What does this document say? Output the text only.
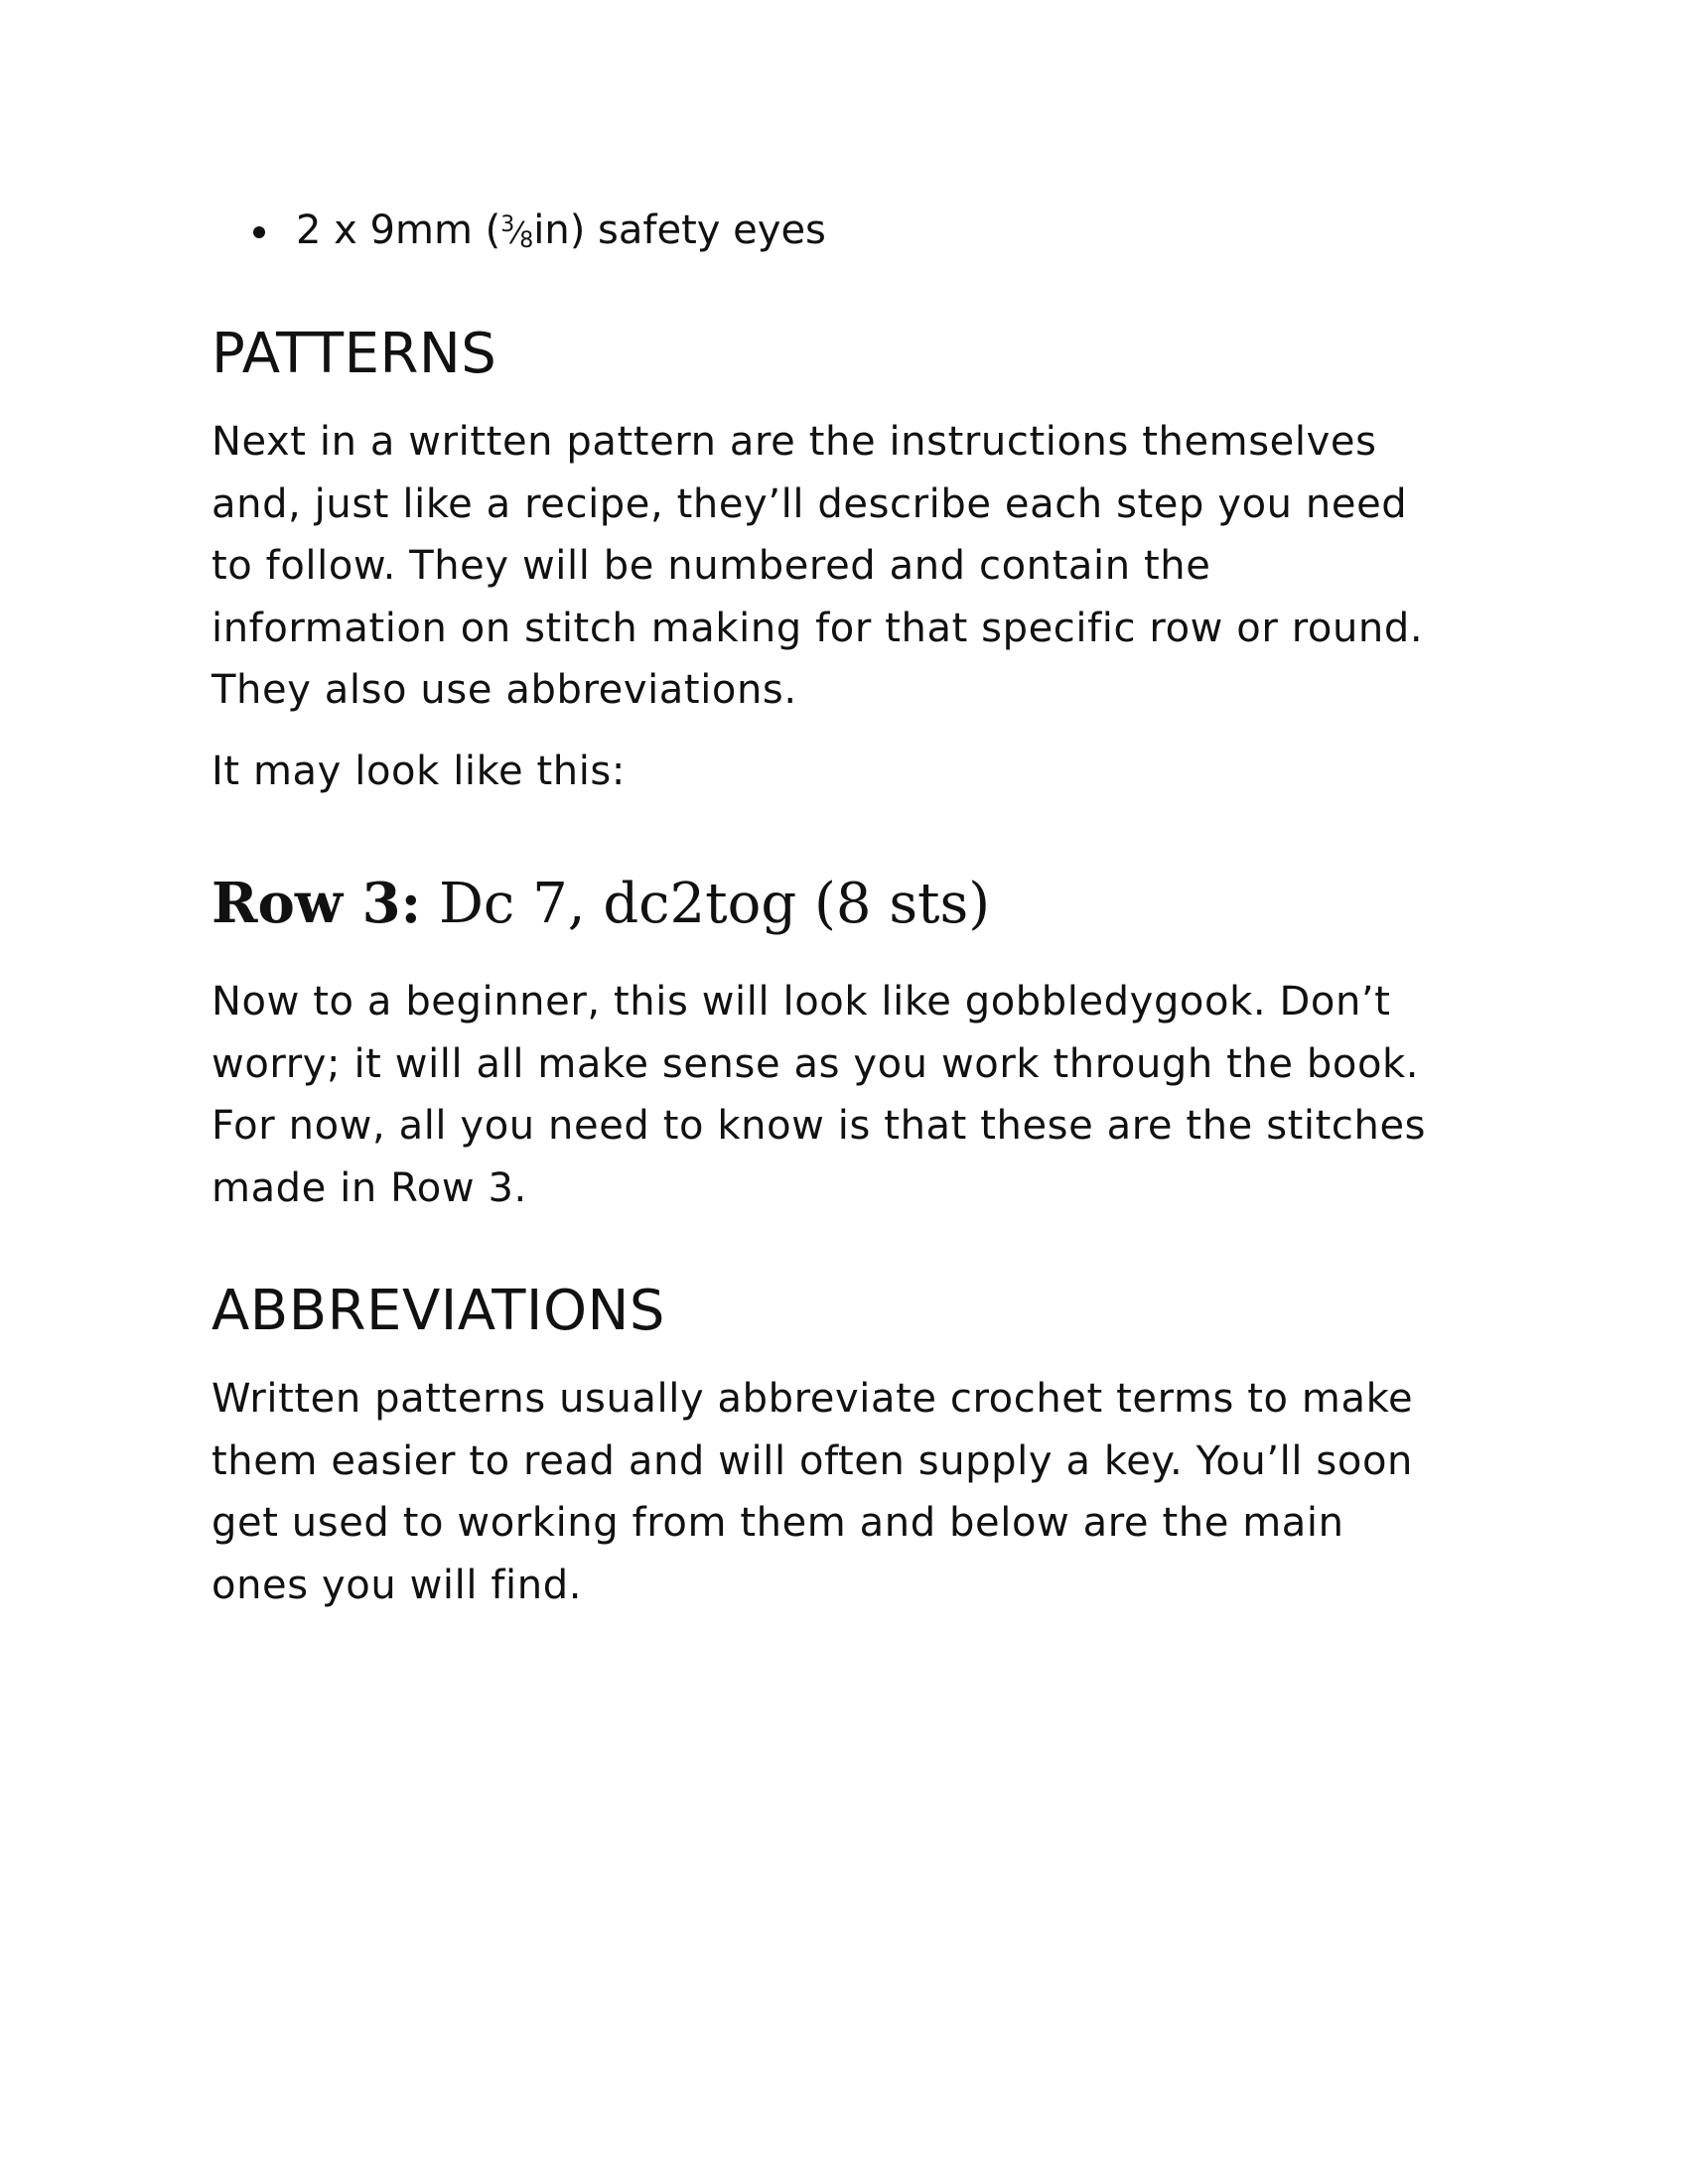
2 x 9mm $(^3⁄_8in)$ safety eyes
PATTERNS

Next in a written pattern are the instructions themselves
and, just like a recipe, they’ll describe each step you need
to follow. They will be numbered and contain the
information on stitch making for that specific row or round.
They also use abbreviations.

It may look like this:

Row 3: Dc 7, dc2tog (8 sts)

Now to a beginner, this will look like gobbledygook. Don’t
worry; it will all make sense as you work through the book.
For now, all you need to know is that these are the stitches
made in Row 3.

ABBREVIATIONS

Written patterns usually abbreviate crochet terms to make
them easier to read and will often supply a key. You’ll soon
get used to working from them and below are the main
ones you will find.
